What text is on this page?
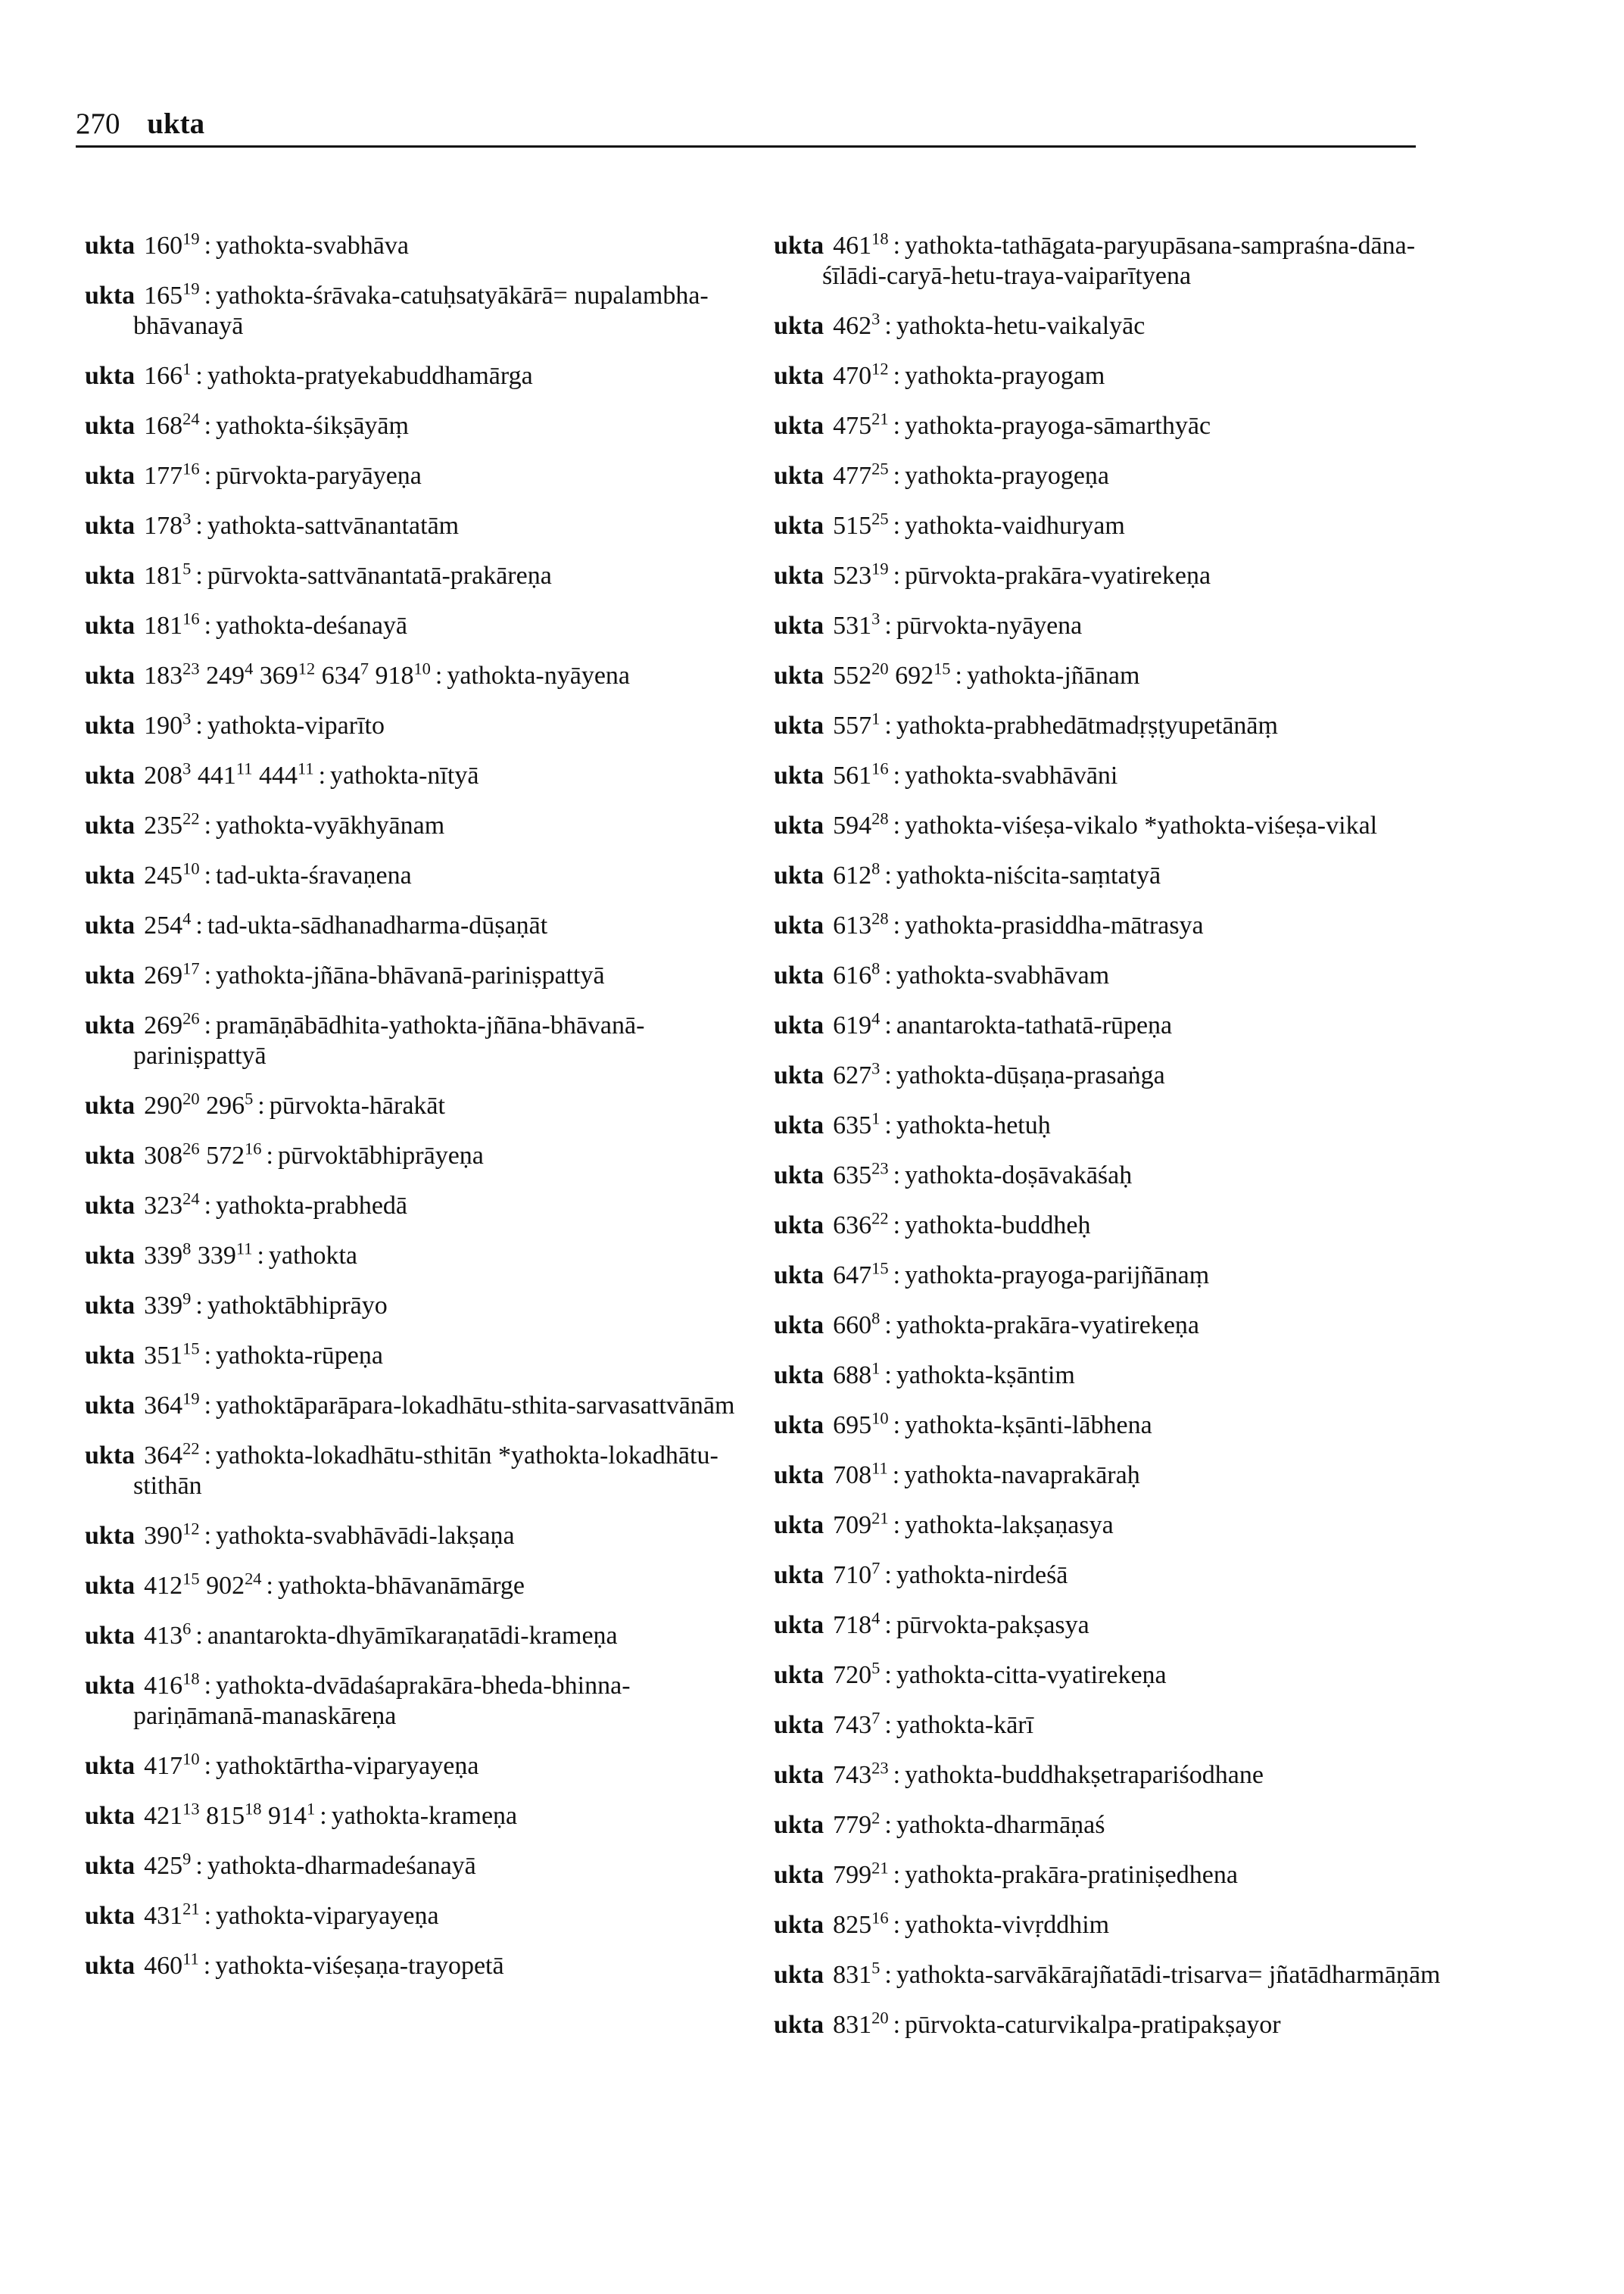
270 ukta
ukta $160^{19}$ : yathokta-svabhāva
ukta $165^{19}$ : yathokta-śrāvaka-catuḥsatyākārā= nupalambha-bhāvanayā
ukta $166^1$ : yathokta-pratyekabuddhamārga
ukta $168^{24}$ : yathokta-śikṣāyāṃ
ukta $177^{16}$ : pūrvokta-paryāyeṇa
ukta $178^3$ : yathokta-sattvānantatām
ukta $181^5$ : pūrvokta-sattvānantatā-prakāreṇa
ukta $181^{16}$ : yathokta-deśanayā
ukta $183^{23}$ $249^4$ $369^{12}$ $634^7$ $918^{10}$ : yathokta-nyāyena
ukta $190^3$ : yathokta-viparīto
ukta $208^3$ $441^{11}$ $444^{11}$ : yathokta-nītyā
ukta $235^{22}$ : yathokta-vyākhyānam
ukta $245^{10}$ : tad-ukta-śravaṇena
ukta $254^4$ : tad-ukta-sādhanadharma-dūṣaṇāt
ukta $269^{17}$ : yathokta-jñāna-bhāvanā-pariniṣpattyā
ukta $269^{26}$ : pramāṇābādhita-yathokta-jñāna-bhāvanā-pariniṣpattyā
ukta $290^{20}$ $296^5$ : pūrvokta-hārakāt
ukta $308^{26}$ $572^{16}$ : pūrvoktābhiprāyeṇa
ukta $323^{24}$ : yathokta-prabhedā
ukta $339^8$ $339^{11}$ : yathokta
ukta $339^9$ : yathoktābhiprāyo
ukta $351^{15}$ : yathokta-rūpeṇa
ukta $364^{19}$ : yathoktāparāpara-lokadhātu-sthita-sarvasattvānām
ukta $364^{22}$ : yathokta-lokadhātu-sthitān *yathokta-lokadhātu-stithān
ukta $390^{12}$ : yathokta-svabhāvādi-lakṣaṇa
ukta $412^{15}$ $902^{24}$ : yathokta-bhāvanāmārge
ukta $413^6$ : anantarokta-dhyāmīkaraṇatādi-krameṇa
ukta $416^{18}$ : yathokta-dvādaśaprakāra-bheda-bhinna-pariṇāmanā-manaskāreṇa
ukta $417^{10}$ : yathoktārtha-viparyayeṇa
ukta $421^{13}$ $815^{18}$ $914^1$ : yathokta-krameṇa
ukta $425^9$ : yathokta-dharmadeśanayā
ukta $431^{21}$ : yathokta-viparyayeṇa
ukta $460^{11}$ : yathokta-viśeṣaṇa-trayopetā
ukta $461^{18}$ : yathokta-tathāgata-paryupāsana-sampraśna-dāna-śīlādi-caryā-hetu-traya-vaiparītyena
ukta $462^3$ : yathokta-hetu-vaikalyāc
ukta $470^{12}$ : yathokta-prayogam
ukta $475^{21}$ : yathokta-prayoga-sāmarthyāc
ukta $477^{25}$ : yathokta-prayogeṇa
ukta $515^{25}$ : yathokta-vaidhuryam
ukta $523^{19}$ : pūrvokta-prakāra-vyatirekeṇa
ukta $531^3$ : pūrvokta-nyāyena
ukta $552^{20}$ $692^{15}$ : yathokta-jñānam
ukta $557^1$ : yathokta-prabhedātmadṛṣṭyupetānāṃ
ukta $561^{16}$ : yathokta-svabhāvāni
ukta $594^{28}$ : yathokta-viśeṣa-vikalo *yathokta-viśeṣa-vikal
ukta $612^8$ : yathokta-niścita-saṃtatyā
ukta $613^{28}$ : yathokta-prasiddha-mātrasya
ukta $616^8$ : yathokta-svabhāvam
ukta $619^4$ : anantarokta-tathatā-rūpeṇa
ukta $627^3$ : yathokta-dūṣaṇa-prasaṅga
ukta $635^1$ : yathokta-hetuḥ
ukta $635^{23}$ : yathokta-doṣāvakāśaḥ
ukta $636^{22}$ : yathokta-buddheḥ
ukta $647^{15}$ : yathokta-prayoga-parijñānaṃ
ukta $660^8$ : yathokta-prakāra-vyatirekeṇa
ukta $688^1$ : yathokta-kṣāntim
ukta $695^{10}$ : yathokta-kṣānti-lābhena
ukta $708^{11}$ : yathokta-navaprakāraḥ
ukta $709^{21}$ : yathokta-lakṣaṇasya
ukta $710^7$ : yathokta-nirdeśā
ukta $718^4$ : pūrvokta-pakṣasya
ukta $720^5$ : yathokta-citta-vyatirekeṇa
ukta $743^7$ : yathokta-kārī
ukta $743^{23}$ : yathokta-buddhakṣetrapariśodhane
ukta $779^2$ : yathokta-dharmāṇaś
ukta $799^{21}$ : yathokta-prakāra-pratiniṣedhena
ukta $825^{16}$ : yathokta-vivṛddhim
ukta $831^5$ : yathokta-sarvākārajñatādi-trisarva= jñatādharmāṇām
ukta $831^{20}$ : pūrvokta-caturvikalpa-pratipakṣayor
